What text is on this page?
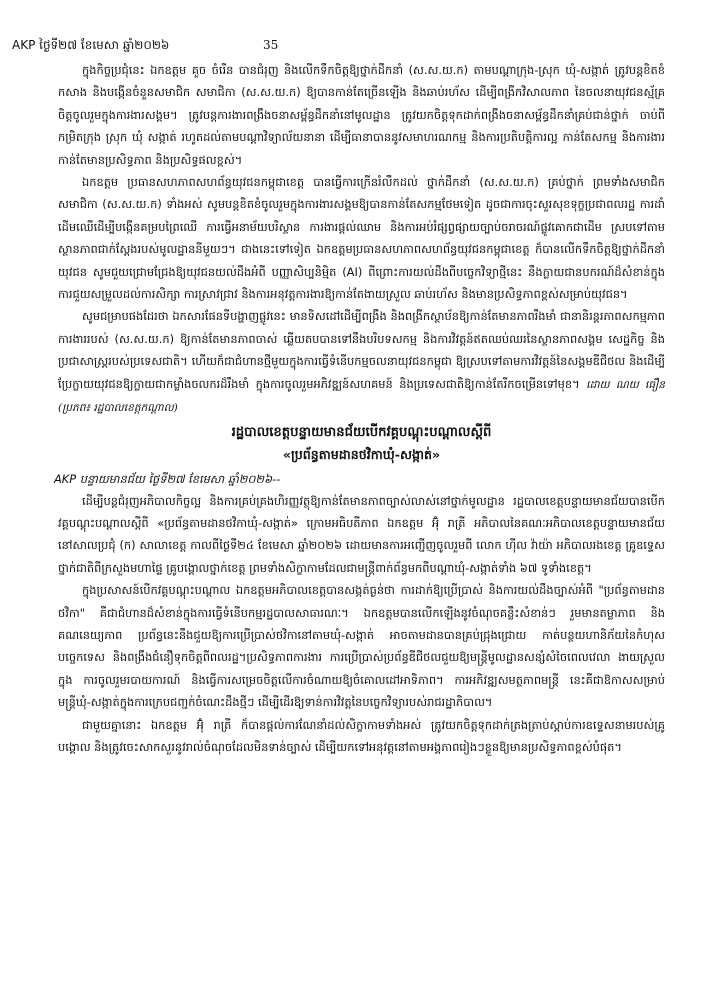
AKP ថ្ងៃទី២៧ ខែមេសា ឆ្នាំ២០២៦	35

ក្នុងកិច្ចប្រជុំនេះ ឯកឧត្តម គួច ចំរើន បានជំរុញ និងលើកទឹកចិត្តឱ្យថ្នាក់ដឹកនាំ (ស.ស.យ.ក) តាមបណ្តាក្រុង-ស្រុក ឃុំ-សង្កាត់ ត្រូវបន្តខិតខំកសាង និងបង្កើនចំនួនសមាជិក សមាជិកា (ស.ស.យ.ក) ឱ្យបានកាន់តែច្រើនឡើង និងឆាប់រហ័ស ដើម្បីពង្រីកវិសាលភាព នៃចលនាយុវជនស្ម័គ្រចិត្តចូលរួមក្នុងការងារសង្គម។ ត្រូវបន្តការងារពង្រឹងចនាសម្ព័ន្ធដឹកនាំនៅមូលដ្ឋាន ត្រូវយកចិត្តទុកដាក់ពង្រឹងចនាសម្ព័ន្ធដឹកនាំគ្រប់ជាន់ថ្នាក់ ចាប់ពីកម្រិតក្រុង ស្រុក ឃុំ សង្កាត់ រហូតដល់តាមបណ្តាវិទ្យាល័យនានា ដើម្បីធានាបាននូវសមាហរណកម្ម និងការប្រតិបត្តិការល្អ កាន់តែសកម្ម និងការងារកាន់តែមានប្រសិទ្ធភាព និងប្រសិទ្ធផលខ្ពស់។

ឯកឧត្តម ប្រធានសហភាពសហព័ន្ធយុវជនកម្ពុជាខេត្ត បានធ្វើការក្រើនរំលឹកដល់ ថ្នាក់ដឹកនាំ (ស.ស.យ.ក) គ្រប់ថ្នាក់ ព្រមទាំងសមាជិក សមាជិកា (ស.ស.យ.ក) ទាំងអស់ សូមបន្តខិតខំចូលរួមក្នុងការងារសង្គមឱ្យបានកាន់តែសកម្មថែមទៀត ដូចជាការចុះសួរសុខទុក្ខប្រជាពលរដ្ឋ ការដាំដើមឈើដើម្បីបង្កើនគម្របព្រៃឈើ ការធ្វើអនាម័យបរិស្ថាន ការងារផ្តល់ឈាម និងការអប់រំផ្សព្វផ្សាយច្បាប់ចរាចរណ៍ផ្លូវគោកជាដើម ស្របទៅតាមស្ថានភាពជាក់ស្តែងរបស់មូលដ្ឋាននីមួយៗ។ ជាងនេះទៅទៀត ឯកឧត្តមប្រធានសហភាពសហព័ន្ធយុវជនកម្ពុជាខេត្ត ក៏បានលើកទឹកចិត្តឱ្យថ្នាក់ដឹកនាំយុវជន សូមជួយជ្រោមជ្រែងឱ្យយុវជនយល់ដឹងអំពី បញ្ញាសិប្បនិម្មិត (AI) ពីព្រោះការយល់ដឹងពីបច្ចេកវិទ្យាថ្មីនេះ នឹងក្លាយជានបករណ៍ដ៏សំខាន់ក្នុងការជួយសម្រួលដល់ការសិក្សា ការស្រាវជ្រាវ និងការអនុវត្តការងារឱ្យកាន់តែងាយស្រួល ឆាប់រហ័ស និងមានប្រសិទ្ធភាពខ្ពស់សម្រាប់យុវជន។

សូមជម្រាបផងដែរថា ឯកសារផែនទីបង្ហាញផ្លូវនេះ មានទិសដៅដើម្បីពង្រឹង និងពង្រីកស្ថាប័នឱ្យកាន់តែមានភាពរឹងមាំ ជានានិរន្តរភាពសកម្មភាព ការងាររបស់ (ស.ស.យ.ក) ឱ្យកាន់តែមានភាពចាស់ ឆ្លើយតបបានទៅនឹងបរិបទសកម្ម និងការវិវត្តន៍ឥតឈប់ឈរនៃស្ថានភាពសង្គម សេដ្ឋកិច្ច និងប្រជាសាស្រ្តរបស់ប្រទេសជាតិ។ ហើយក៏ជាជំហានថ្មីមួយក្នុងការធ្វើទំនើបកម្មចលនាយុវជនកម្ពុជា ឱ្យស្របទៅតាមការវិវត្តន៍នៃសង្គមឌីជីថល និងដើម្បីប្រែក្លាយយុវជនឱ្យក្លាយជាកម្លាំងចលករដ៏រឹងមាំ ក្នុងការចូលរួមអភិវឌ្ឍន៍សហគមន៍ និងប្រទេសជាតិឱ្យកាន់តែរីកចម្រើនទៅមុខ។ ដោយ ណយ ធឿន (ប្រភព៖ រដ្ឋបាលខេត្តកណ្តាល)

រដ្ឋបាលខេត្តបន្ទាយមានជ័យបើកវគ្គបណ្តុះបណ្តាលស្តីពី
«ប្រព័ន្ធតាមដានថវិកាឃុំ-សង្កាត់»

AKP បន្ទាយមានជ័យ ថ្ងៃទី២៧ ខែមេសា ឆ្នាំ២០២៦--

ដើម្បីបន្តជំរុញអភិបាលកិច្ចល្អ និងការគ្រប់គ្រងហិរញ្ញវត្ថុឱ្យកាន់តែមានភាពច្បាស់លាស់នៅថ្នាក់មូលដ្ឋាន រដ្ឋបាលខេត្តបន្ទាយមានជ័យបានបើកវគ្គបណ្តុះបណ្តាលស្តីពី «ប្រព័ន្ធតាមដានថវិកាឃុំ-សង្កាត់» ក្រោមអធិបតីភាព ឯកឧត្តម អ៊ុំ រាត្រី អភិបាលនៃគណៈអភិបាលខេត្តបន្ទាយមានជ័យ នៅសាលប្រជុំ (ក) សាលាខេត្ត កាលពីថ្ងៃទី២៤ ខែមេសា ឆ្នាំ២០២៦ ដោយមានការអញ្ជើញចូលរួមពី លោក ហ៊ីល វ៉ាយ៉ា អភិបាលរងខេត្ត គ្រូឧទ្ទេសថ្នាក់ជាតិពីក្រសួងមហាផ្ទៃ គ្រូបង្គោលថ្នាក់ខេត្ត ព្រមទាំងសិក្ខាកាមដែលជាមន្រ្តីពាក់ព័ន្ធមកពីបណ្តាឃុំ-សង្កាត់ទាំង ៦៧ ទូទាំងខេត្ត។

ក្នុងប្រសាសន៍បើកវគ្គបណ្តុះបណ្តាល ឯកឧត្តមអភិបាលខេត្តបានសង្កត់ធ្ងន់ថា ការដាក់ឱ្យប្រើប្រាស់ និងការយល់ដឹងច្បាស់អំពី "ប្រព័ន្ធតាមដានថវិកា" គឺជាជំហានដ៏សំខាន់ក្នុងការធ្វើទំនើបកម្មរដ្ឋបាលសាធារណៈ។ ឯកឧត្តមបានលើកឡើងនូវចំណុចគន្លឹះសំខាន់ៗ រួមមានតម្លាភាព និងគណនេយ្យភាព ប្រព័ន្ធនេះនឹងជួយឱ្យការប្រើប្រាស់ថវិកានៅតាមឃុំ-សង្កាត់ អាចតាមដានបានគ្រប់ជ្រុងជ្រោយ កាត់បន្ថយហានិភ័យនៃកំហុសបច្ចេកទេស និងពង្រឹងជំនឿទុកចិត្តពីពលរដ្ឋ។ប្រសិទ្ធភាពការងារ ការប្រើប្រាស់ប្រព័ន្ធឌីជីថលជួយឱ្យមន្រ្តីមូលដ្ឋានសន្សំសំចៃពេលវេលា ងាយស្រួលក្នុង ការចូលរួមរបាយការណ៍ និងធ្វើការសម្រេចចិត្តលើការចំណាយឱ្យចំគោលដៅអាទិភាព។ ការអភិវឌ្ឍសមត្ថភាពមន្ត្រី នេះគឺជាឱកាសសម្រាប់មន្ត្រីឃុំ-សង្កាត់ក្នុងការក្រេបជញ្ជក់ចំណេះដឹងថ្មីៗ ដើម្បីដើរឱ្យទាន់ការវិវត្តនៃបច្ចេកវិទ្យារបស់រាជរដ្ឋាភិបាល។

ជាមួយគ្នានោះ ឯកឧត្តម អ៊ុំ រាត្រី ក៏បានផ្តល់ការណែនាំដល់សិក្ខាកាមទាំងអស់ ត្រូវយកចិត្តទុកដាក់ត្រងត្រាប់ស្តាប់ការឧទ្ទេសនាមរបស់គ្រូបង្គោល និងត្រូវចេះសាកសួរនូវរាល់ចំណុចដែលមិនទាន់ច្បាស់ ដើម្បីយកទៅអនុវត្តនៅតាមអង្គភាពរៀងៗខ្លួនឱ្យមានប្រសិទ្ធភាពខ្ពស់បំផុត។
